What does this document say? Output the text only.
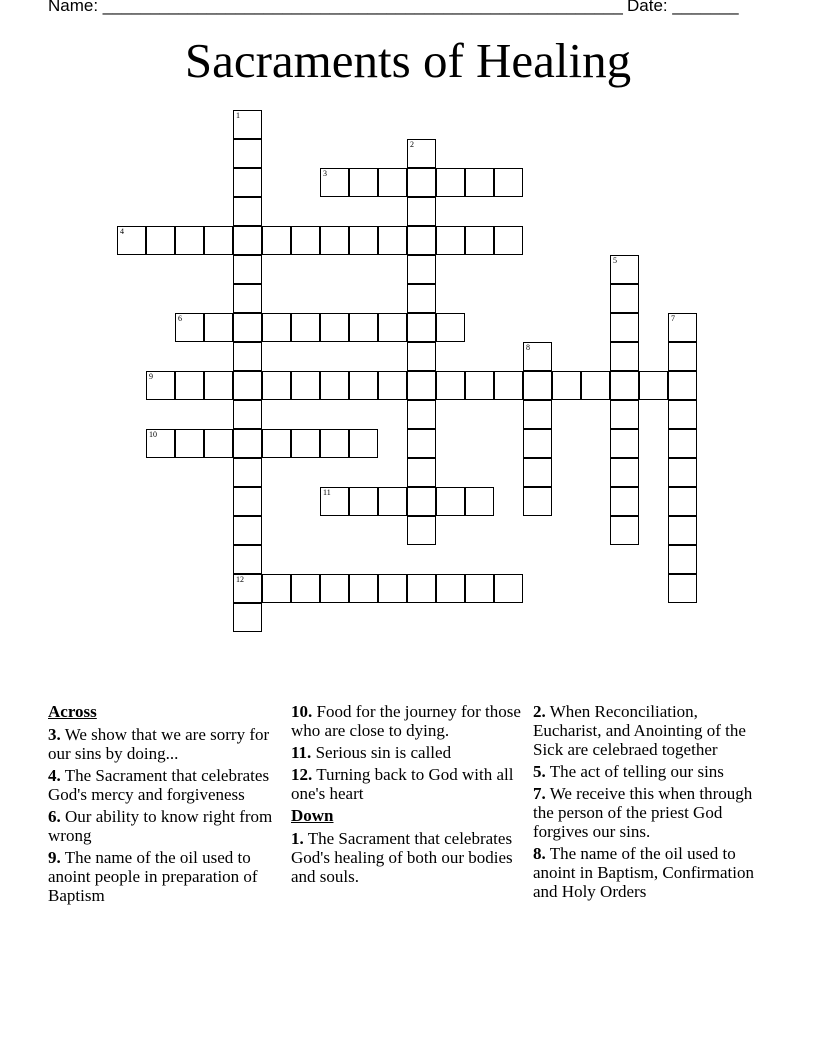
Name: _______________________________________________________ Date: _______
Sacraments of Healing
1
12
2
3
4
5
6	7
8
9
10
11
Across
3. We show that we are sorry for our sins by doing...
4. The Sacrament that celebrates God's mercy and forgiveness
6. Our ability to know right from wrong
9. The name of the oil used to anoint people in preparation of Baptism
10. Food for the journey for those who are close to dying.
11. Serious sin is called
12. Turning back to God with all one's heart
Down
1. The Sacrament that celebrates God's healing of both our bodies and souls.
2. When Reconciliation, Eucharist, and Anointing of the Sick are celebraed together
5. The act of telling our sins
7. We receive this when through the person of the priest God forgives our sins.
8. The name of the oil used to anoint in Baptism, Confirmation and Holy Orders
